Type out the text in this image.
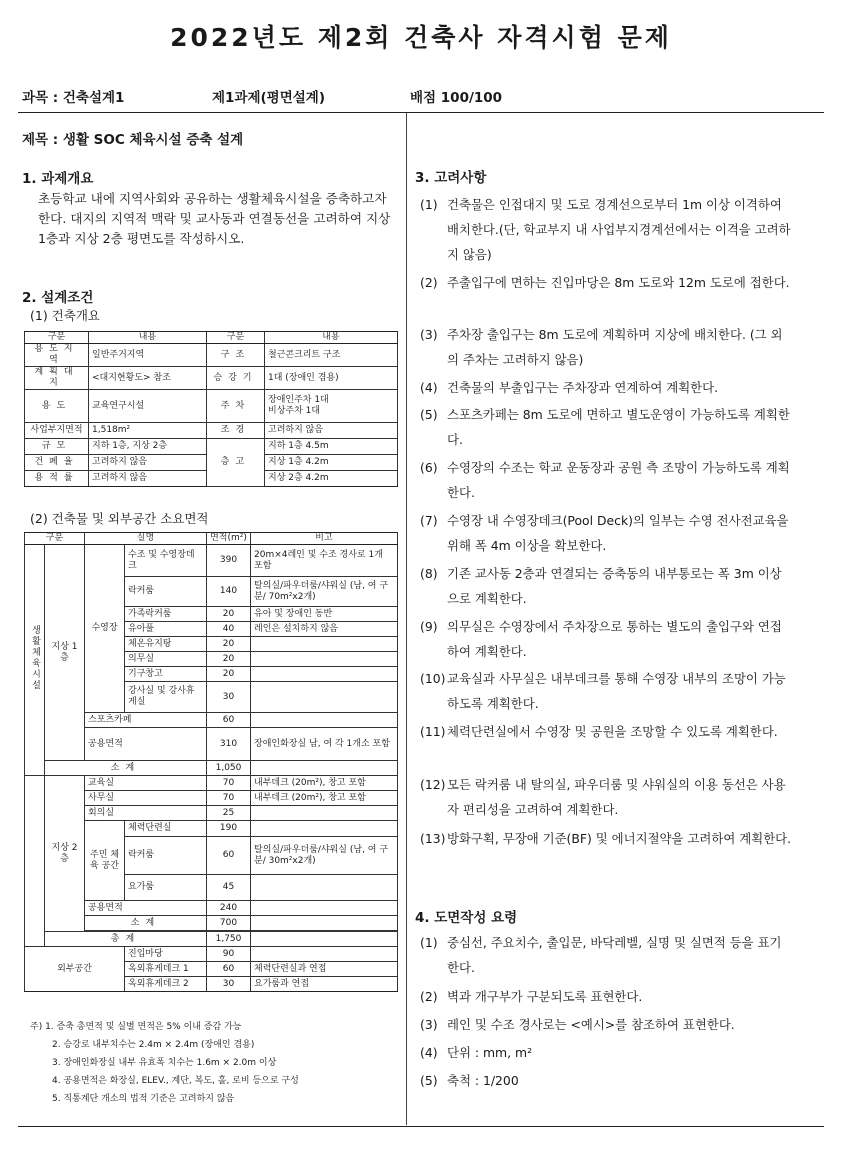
2022년도 제2회 건축사 자격시험 문제
과목 : 건축설계1	제1과제(평면설계)	배점 100/100
제목 : 생활 SOC 체육시설 증축 설계
1. 과제개요
초등학교 내에 지역사회와 공유하는 생활체육시설을 증축하고자 한다. 대지의 지역적 맥락 및 교사동과 연결동선을 고려하여 지상 1층과 지상 2층 평면도를 작성하시오.
2. 설계조건
(1) 건축개요
구분	내용	구분	내용
용도지역	일반주거지역	구조	철근콘크리트 구조
계획대지	<대지현황도> 참조	승강기	1대 (장애인 겸용)
용도	교육연구시설	주차	장애인주차 1대
비상주차 1대

사업부지면적	1,518m²	조경	고려하지 않음
규모	지하 1층, 지상 2층	층고	지하 1층 4.5m
건폐율	고려하지 않음		지상 1층 4.2m
용적률	고려하지 않음		지상 2층 4.2m
(2) 건축물 및 외부공간 소요면적
구분		실명		면적(m²)	비고
생활체육시설	지상 1층	수영장	수조 및 수영장데크	390	20m×4레인 및 수조 경사로 1개 포함
			락커룸	140	탈의실/파우더룸/샤워실 (남, 여 구분/ 70m²x2개)
			가족락커룸	20	유아 및 장애인 동반
			유아풀	40	레인은 설치하지 않음
			체온유지탕	20	
			의무실	20	
			기구창고	20	
			강사실 및 강사휴게실	30	
		스포츠카페		60	
		공용면적		310	장애인화장실 남, 여 각 1개소 포함
	소계			1,050	
	지상 2층	교육실		70	내부데크 (20m²), 창고 포함
		사무실		70	내부데크 (20m²), 창고 포함
		회의실		25	
		주민 체육 공간	체력단련실	190	
			락커룸	60	탈의실/파우더룸/샤워실 (남, 여 구분/ 30m²x2개)
			요가룸	45	
		공용면적		240	
		소계		700	

	총계			1,750	
외부공간			진입마당	90	
			옥외휴게데크 1	60	체력단련실과 연접
			옥외휴게데크 2	30	요가룸과 연접
주) 1. 증축 총면적 및 실별 면적은 5% 이내 증감 가능
2. 승강로 내부치수는 2.4m × 2.4m (장애인 겸용)
3. 장애인화장실 내부 유효폭 치수는 1.6m × 2.0m 이상
4. 공용면적은 화장실, ELEV., 계단, 복도, 홀, 로비 등으로 구성
5. 직통계단 개소의 법적 기준은 고려하지 않음
3. 고려사항
(1) 건축물은 인접대지 및 도로 경계선으로부터 1m 이상 이격하여 배치한다.(단, 학교부지 내 사업부지경계선에서는 이격을 고려하지 않음)
(2) 주출입구에 면하는 진입마당은 8m 도로와 12m 도로에 접한다.
(3) 주차장 출입구는 8m 도로에 계획하며 지상에 배치한다. (그 외의 주차는 고려하지 않음)
(4) 건축물의 부출입구는 주차장과 연계하여 계획한다.
(5) 스포츠카페는 8m 도로에 면하고 별도운영이 가능하도록 계획한다.
(6) 수영장의 수조는 학교 운동장과 공원 측 조망이 가능하도록 계획한다.
(7) 수영장 내 수영장데크(Pool Deck)의 일부는 수영 전사전교육을 위해 폭 4m 이상을 확보한다.
(8) 기존 교사동 2층과 연결되는 증축동의 내부통로는 폭 3m 이상으로 계획한다.
(9) 의무실은 수영장에서 주차장으로 통하는 별도의 출입구와 연접하여 계획한다.
(10) 교육실과 사무실은 내부데크를 통해 수영장 내부의 조망이 가능하도록 계획한다.
(11) 체력단련실에서 수영장 및 공원을 조망할 수 있도록 계획한다.
(12) 모든 락커룸 내 탈의실, 파우더룸 및 샤워실의 이용 동선은 사용자 편리성을 고려하여 계획한다.
(13) 방화구획, 무장애 기준(BF) 및 에너지절약을 고려하여 계획한다.
4. 도면작성 요령
(1) 중심선, 주요치수, 출입문, 바닥레벨, 실명 및 실면적 등을 표기한다.
(2) 벽과 개구부가 구분되도록 표현한다.
(3) 레인 및 수조 경사로는 <예시>를 참조하여 표현한다.
(4) 단위 : mm, m²
(5) 축척 : 1/200
